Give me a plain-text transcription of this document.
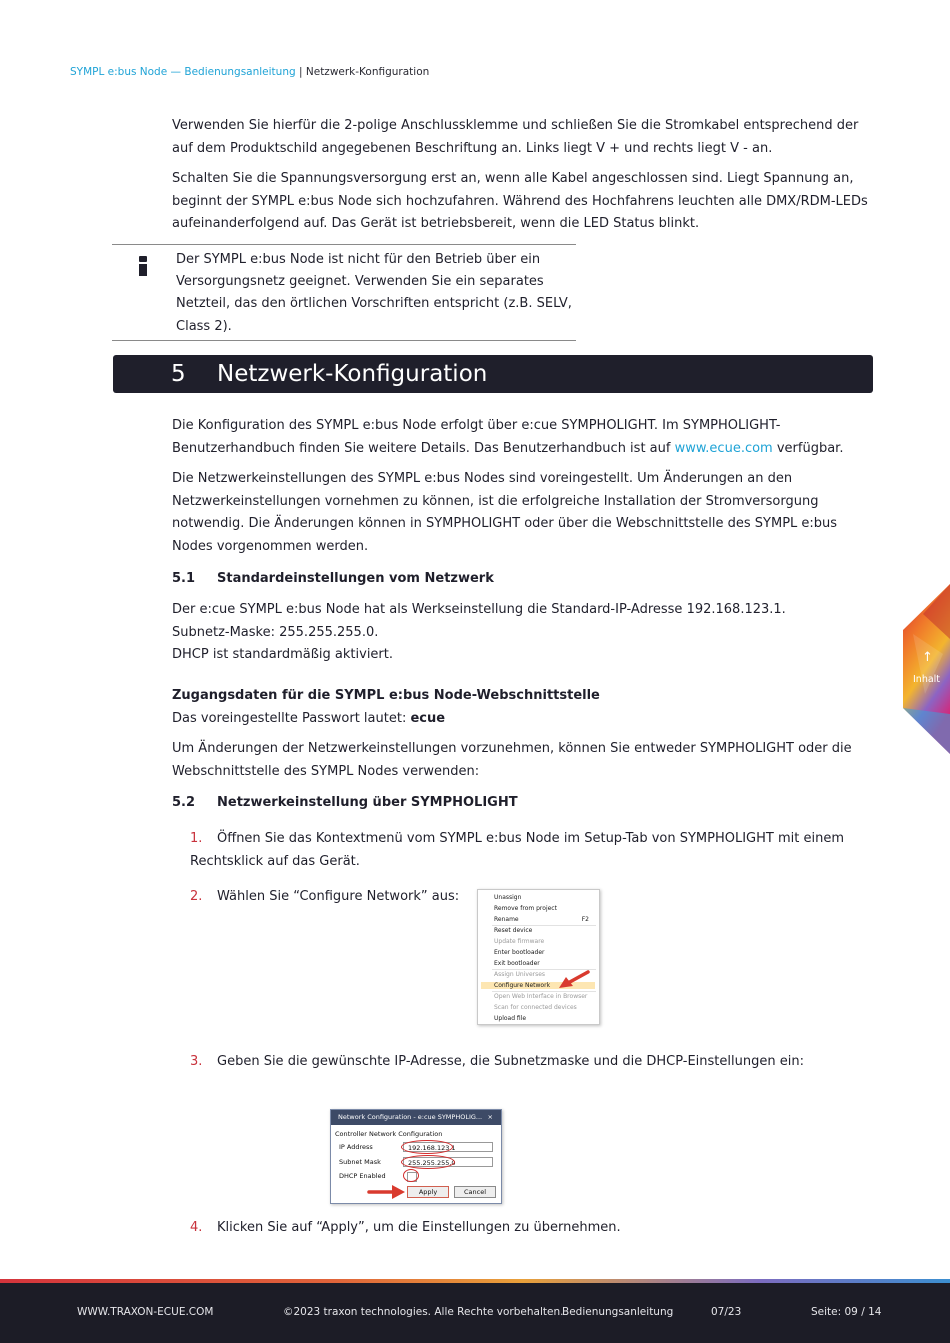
SYMPL e:bus Node — Bedienungsanleitung | Netzwerk-Konfiguration

Verwenden Sie hierfür die 2-polige Anschlussklemme und schließen Sie die Stromkabel entsprechend der auf dem Produktschild angegebenen Beschriftung an. Links liegt V + und rechts liegt V - an.

Schalten Sie die Spannungsversorgung erst an, wenn alle Kabel angeschlossen sind. Liegt Spannung an, beginnt der SYMPL e:bus Node sich hochzufahren. Während des Hochfahrens leuchten alle DMX/RDM-LEDs aufeinanderfolgend auf. Das Gerät ist betriebsbereit, wenn die LED Status blinkt.

Der SYMPL e:bus Node ist nicht für den Betrieb über ein Versorgungsnetz geeignet. Verwenden Sie ein separates Netzteil, das den örtlichen Vorschriften entspricht (z.B. SELV, Class 2).
5 Netzwerk-Konfiguration

Die Konfiguration des SYMPL e:bus Node erfolgt über e:cue SYMPHOLIGHT. Im SYMPHOLIGHT-Benutzerhandbuch finden Sie weitere Details. Das Benutzerhandbuch ist auf www.ecue.com verfügbar.

Die Netzwerkeinstellungen des SYMPL e:bus Nodes sind voreingestellt. Um Änderungen an den Netzwerkeinstellungen vornehmen zu können, ist die erfolgreiche Installation der Stromversorgung notwendig. Die Änderungen können in SYMPHOLIGHT oder über die Webschnittstelle des SYMPL e:bus Nodes vorgenommen werden.

5.1 Standardeinstellungen vom Netzwerk

Der e:cue SYMPL e:bus Node hat als Werkseinstellung die Standard-IP-Adresse 192.168.123.1.

Subnetz-Maske: 255.255.255.0.

DHCP ist standardmäßig aktiviert.

Zugangsdaten für die SYMPL e:bus Node-Webschnittstelle

Das voreingestellte Passwort lautet: ecue

Um Änderungen der Netzwerkeinstellungen vorzunehmen, können Sie entweder SYMPHOLIGHT oder die Webschnittstelle des SYMPL Nodes verwenden:

5.2 Netzwerkeinstellung über SYMPHOLIGHT
1. Öffnen Sie das Kontextmenü vom SYMPL e:bus Node im Setup-Tab von SYMPHOLIGHT mit einem Rechtsklick auf das Gerät.
2. Wählen Sie “Configure Network” aus:	Unassign
Remove from project
Rename	F2
Reset device
Update firmware
Enter bootloader
Exit bootloader
Assign Universes
Configure Network
Open Web Interface in Browser
Scan for connected devices
Upload file
3. Geben Sie die gewünschte IP-Adresse, die Subnetzmaske und die DHCP-Einstellungen ein:
Network Configuration - e:cue SYMPHOLIG... ×
Controller Network Configuration
IP Address	192.168.123.1
Subnet Mask	255.255.255.0
DHCP Enabled
Apply	Cancel
4. Klicken Sie auf “Apply”, um die Einstellungen zu übernehmen.
↑
Inhalt
WWW.TRAXON-ECUE.COM	©2023 traxon technologies. Alle Rechte vorbehalten.
Bedienungsanleitung	07/23	Seite: 09 / 14
